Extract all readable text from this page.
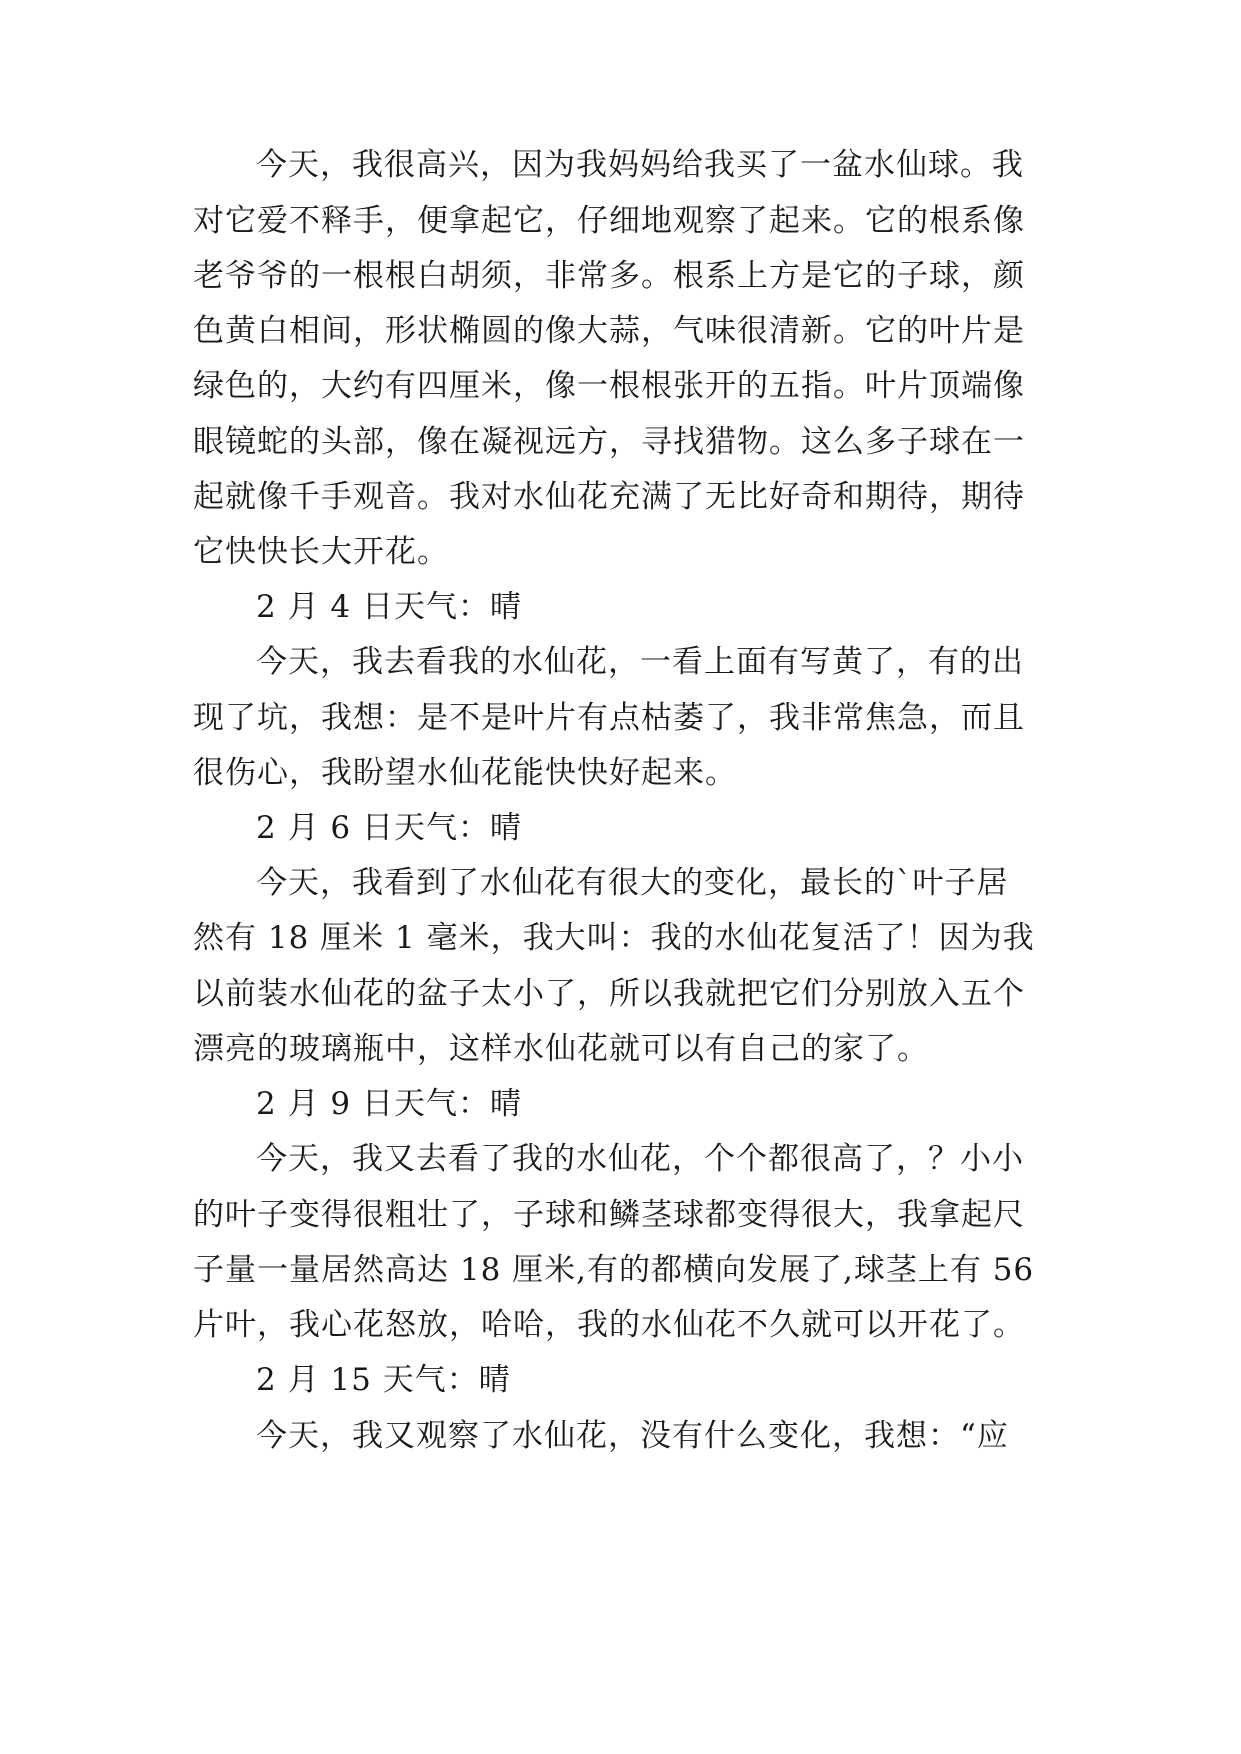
今天，我很高兴，因为我妈妈给我买了一盆水仙球。我
对它爱不释手，便拿起它，仔细地观察了起来。它的根系像
老爷爷的一根根白胡须，非常多。根系上方是它的子球，颜
色黄白相间，形状椭圆的像大蒜，气味很清新。它的叶片是
绿色的，大约有四厘米，像一根根张开的五指。叶片顶端像
眼镜蛇的头部，像在凝视远方，寻找猎物。这么多子球在一
起就像千手观音。我对水仙花充满了无比好奇和期待，期待
它快快长大开花。
2 月 4 日天气：晴
今天，我去看我的水仙花，一看上面有写黄了，有的出
现了坑，我想：是不是叶片有点枯萎了，我非常焦急，而且
很伤心，我盼望水仙花能快快好起来。
2 月 6 日天气：晴
今天，我看到了水仙花有很大的变化，最长的`叶子居
然有 18 厘米 1 毫米，我大叫：我的水仙花复活了！因为我
以前装水仙花的盆子太小了，所以我就把它们分别放入五个
漂亮的玻璃瓶中，这样水仙花就可以有自己的家了。
2 月 9 日天气：晴
今天，我又去看了我的水仙花，个个都很高了，？小小
的叶子变得很粗壮了，子球和鳞茎球都变得很大，我拿起尺
子量一量居然高达 18 厘米,有的都横向发展了,球茎上有 56
片叶，我心花怒放，哈哈，我的水仙花不久就可以开花了。
2 月 15 天气：晴
今天，我又观察了水仙花，没有什么变化，我想：“应
